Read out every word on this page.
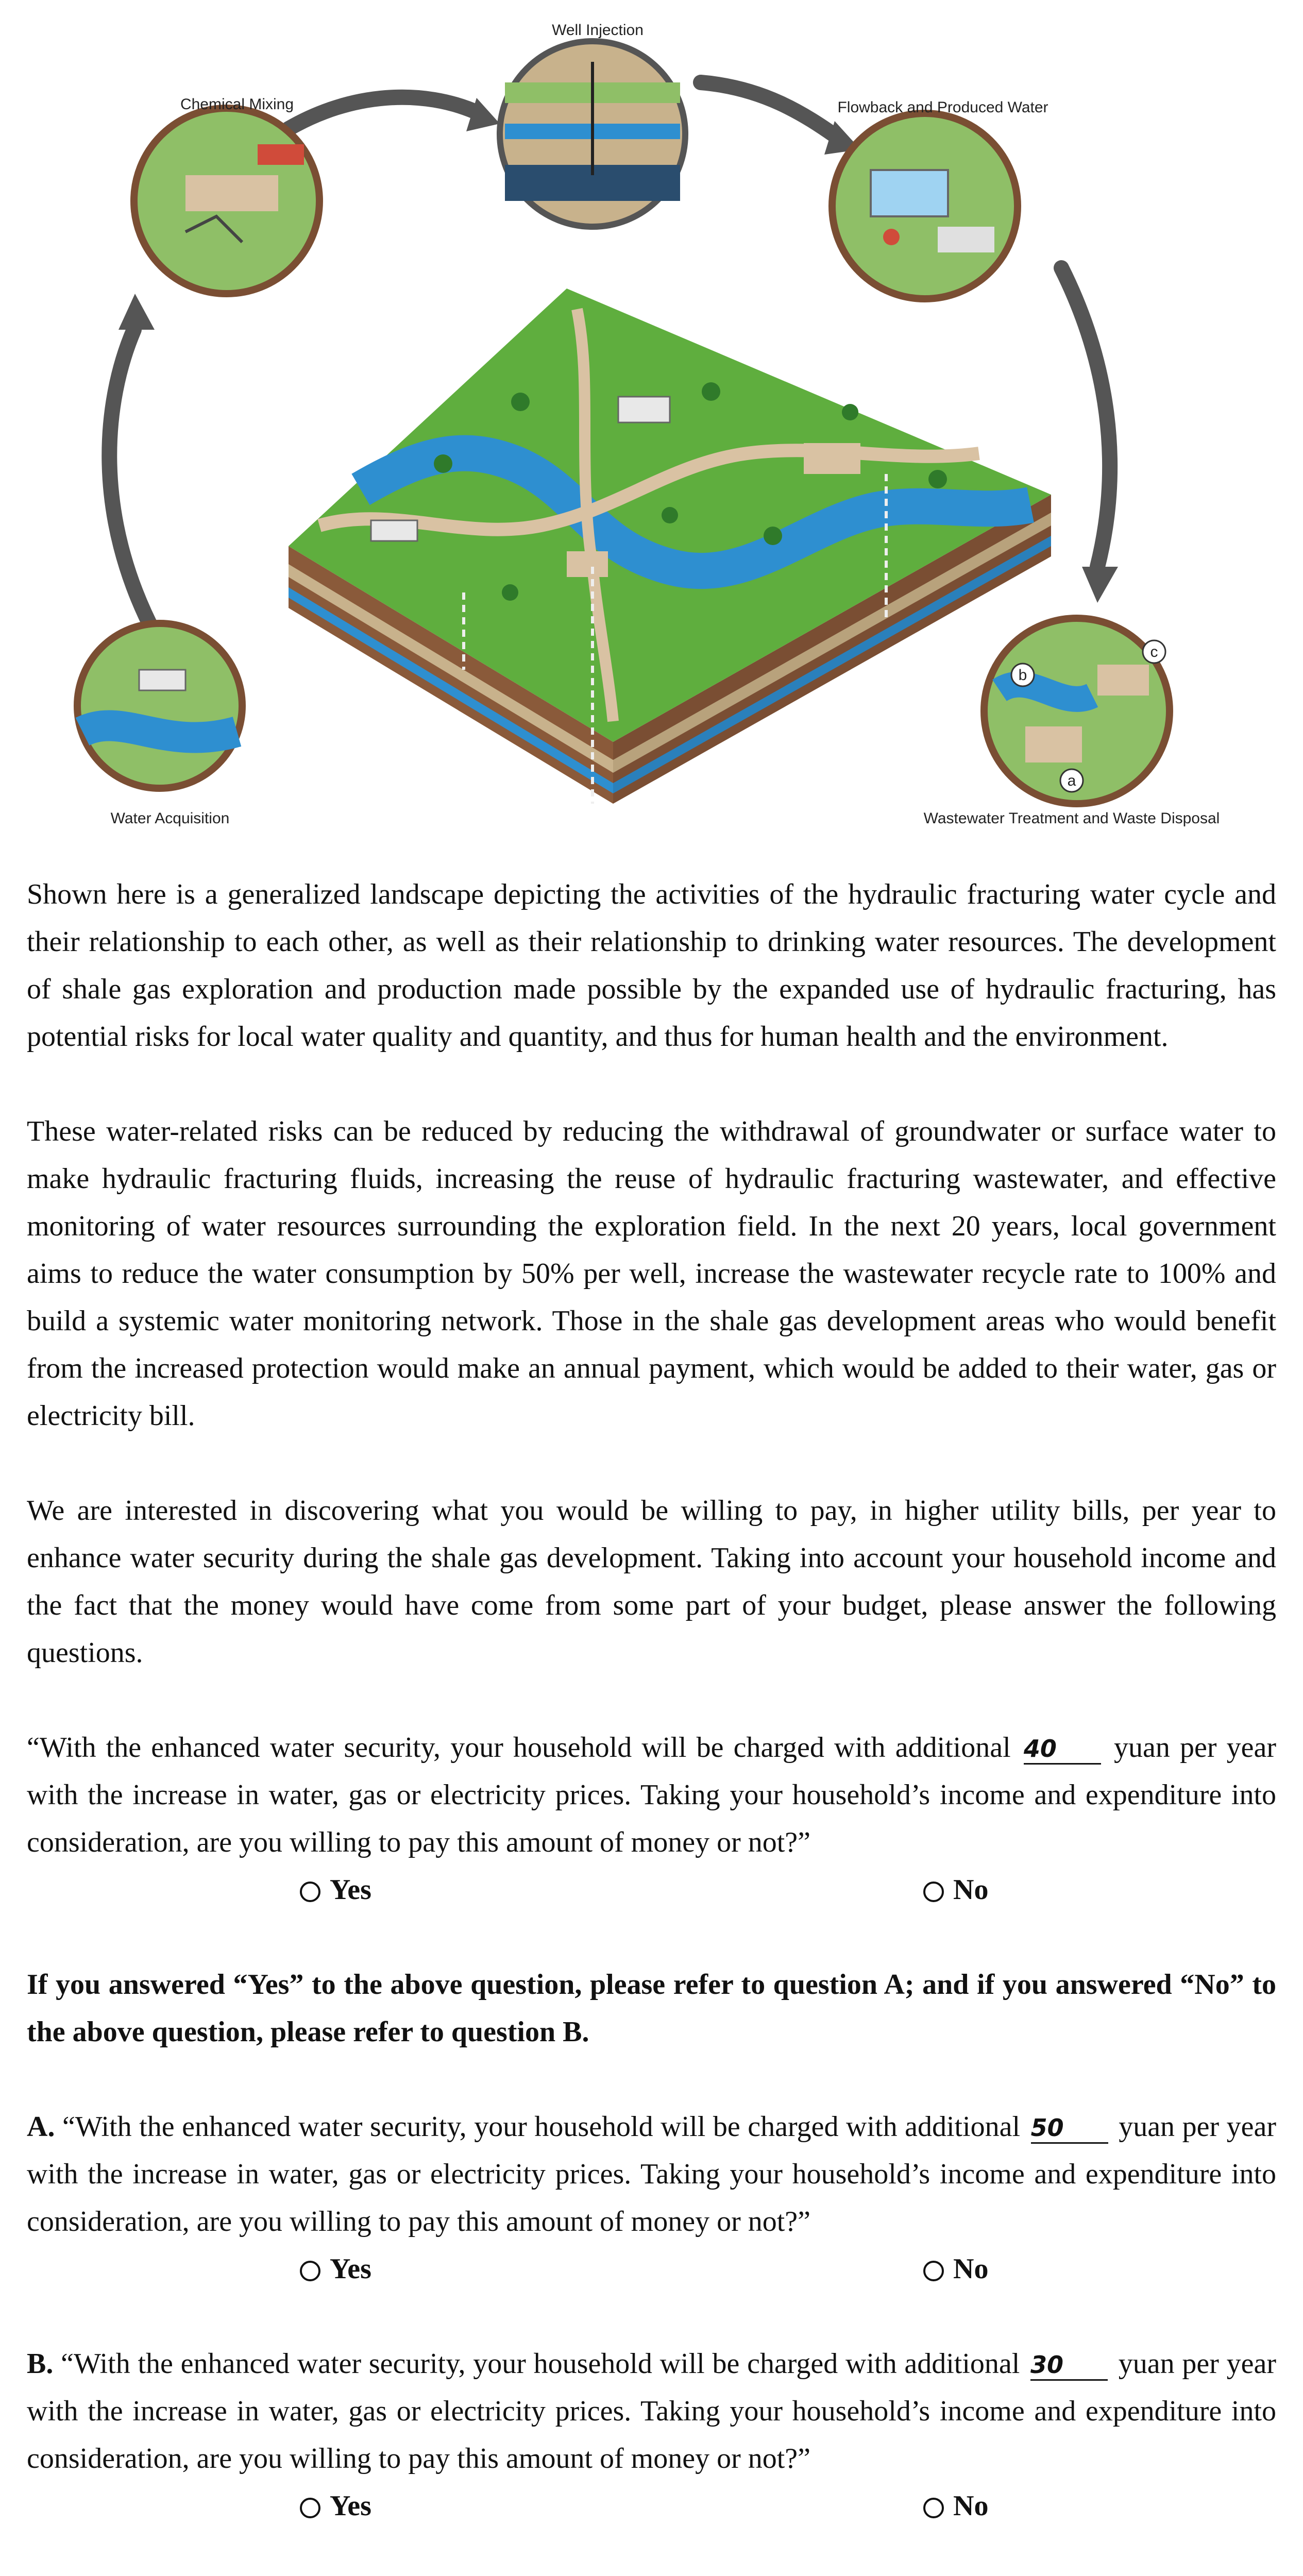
b
c
a
Well Injection
Chemical Mixing	Flowback and Produced Water
Water Acquisition	Wastewater Treatment and Waste Disposal

Shown here is a generalized landscape depicting the activities of the hydraulic fracturing water cycle and their relationship to each other, as well as their relationship to drinking water resources. The development of shale gas exploration and production made possible by the expanded use of hydraulic fracturing, has potential risks for local water quality and quantity, and thus for human health and the environment.

These water-related risks can be reduced by reducing the withdrawal of groundwater or surface water to make hydraulic fracturing fluids, increasing the reuse of hydraulic fracturing wastewater, and effective monitoring of water resources surrounding the exploration field. In the next 20 years, local government aims to reduce the water consumption by 50% per well, increase the wastewater recycle rate to 100% and build a systemic water monitoring network. Those in the shale gas development areas who would benefit from the increased protection would make an annual payment, which would be added to their water, gas or electricity bill.

We are interested in discovering what you would be willing to pay, in higher utility bills, per year to enhance water security during the shale gas development. Taking into account your household income and the fact that the money would have come from some part of your budget, please answer the following questions.

“With the enhanced water security, your household will be charged with additional 40 yuan per year with the increase in water, gas or electricity prices. Taking your household’s income and expenditure into consideration, are you willing to pay this amount of money or not?”

Yes	No

If you answered “Yes” to the above question, please refer to question A; and if you answered “No” to the above question, please refer to question B.

A. “With the enhanced water security, your household will be charged with additional 50 yuan per year with the increase in water, gas or electricity prices. Taking your household’s income and expenditure into consideration, are you willing to pay this amount of money or not?”

Yes	No

B. “With the enhanced water security, your household will be charged with additional 30 yuan per year with the increase in water, gas or electricity prices. Taking your household’s income and expenditure into consideration, are you willing to pay this amount of money or not?”

Yes	No
